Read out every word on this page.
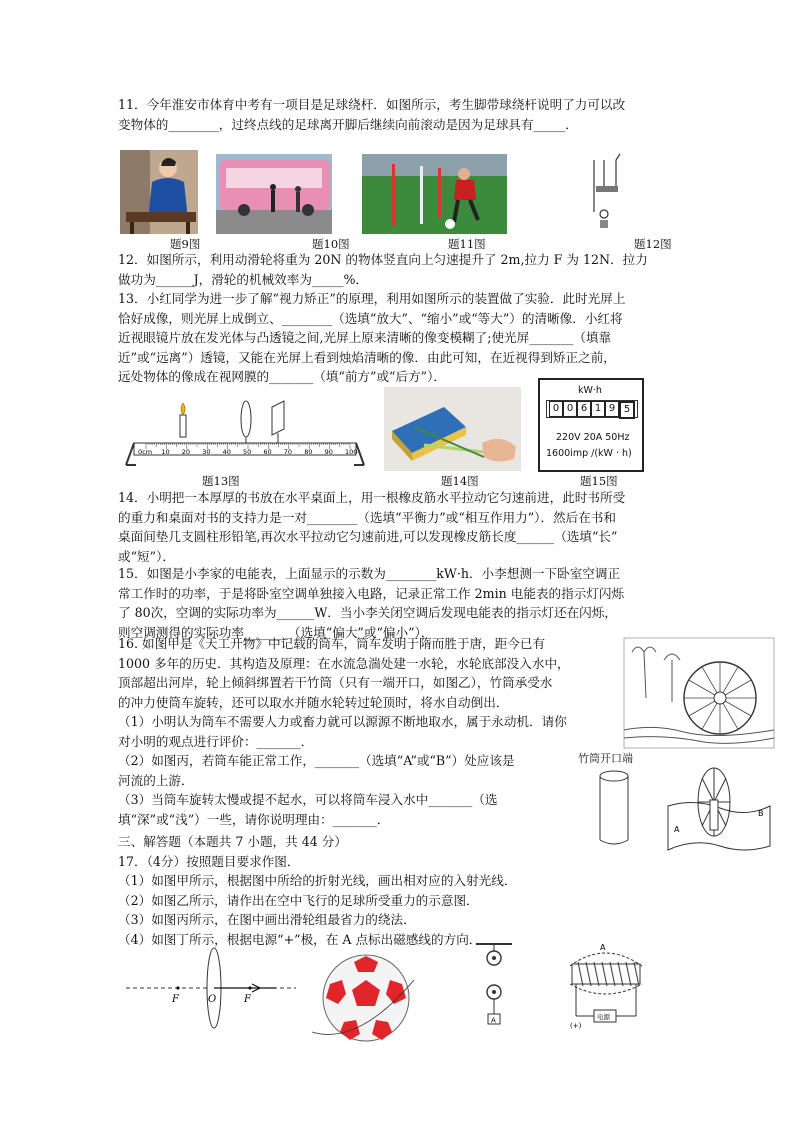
11．今年淮安市体育中考有一项目是足球绕杆．如图所示，考生脚带球绕杆说明了力可以改

变物体的________，过终点线的足球离开脚后继续向前滚动是因为足球具有_____．

题9图	题10图	题11图	题12图

12．如图所示，利用动滑轮将重为 20N 的物体竖直向上匀速提升了 2m,拉力 F 为 12N．拉力

做功为______J，滑轮的机械效率为_____%．

13．小红同学为进一步了解“视力矫正”的原理，利用如图所示的装置做了实验．此时光屏上

恰好成像，则光屏上成倒立、________（选填“放大”、“缩小”或“等大”）的清晰像．小红将

近视眼镜片放在发光体与凸透镜之间,光屏上原来清晰的像变模糊了;使光屏_______（填靠

近”或“远离”）透镜，又能在光屏上看到烛焰清晰的像．由此可知，在近视得到矫正之前，

远处物体的像成在视网膜的_______（填“前方”或“后方”）．

0cm 10 20 30 40 50 60 70 80 90 100
kW·h
0 0 6 1 9 5
220V 20A 50Hz
1600imp /(kW · h)
题13图	题14图	题15图

14．小明把一本厚厚的书放在水平桌面上，用一根橡皮筋水平拉动它匀速前进，此时书所受

的重力和桌面对书的支持力是一对________（选填“平衡力”或“相互作用力”）．然后在书和

桌面间垫几支圆柱形铅笔,再次水平拉动它匀速前进,可以发现橡皮筋长度______（选填“长”

或“短”）．

15．如图是小李家的电能表，上面显示的示数为________kW·h．小李想测一下卧室空调正

常工作时的功率，于是将卧室空调单独接入电路，记录正常工作 2min 电能表的指示灯闪烁

了 80次，空调的实际功率为______W．当小李关闭空调后发现电能表的指示灯还在闪烁，

则空调测得的实际功率_______（选填“偏大”或“偏小”）．

16. 如图甲是《天工开物》中记载的筒车，筒车发明于隋而胜于唐，距今已有

1000 多年的历史．其构造及原理：在水流急湍处建一水轮，水轮底部没入水中，

顶部超出河岸，轮上倾斜绑置若干竹筒（只有一端开口，如图乙），竹筒承受水

的冲力使筒车旋转，还可以取水并随水轮转过轮顶时，将水自动倒出．

（1）小明认为筒车不需要人力或畜力就可以源源不断地取水，属于永动机．请你

对小明的观点进行评价：_______．

（2）如图丙，若筒车能正常工作，_______（选填“A”或“B”）处应该是

河流的上游．

（3）当筒车旋转太慢或提不起水，可以将筒车浸入水中_______（选

填“深”或“浅”）一些，请你说明理由：_______．

竹筒开口端
A
B

三、解答题（本题共 7 小题，共 44 分）

17．（4分）按照题目要求作图．

（1）如图甲所示，根据图中所给的折射光线，画出相对应的入射光线．

（2）如图乙所示，请作出在空中飞行的足球所受重力的示意图．

（3）如图丙所示，在图中画出滑轮组最省力的绕法．

（4）如图丁所示，根据电源“+”极，在 A 点标出磁感线的方向．

F	O	F
A
A
电源
(+)
